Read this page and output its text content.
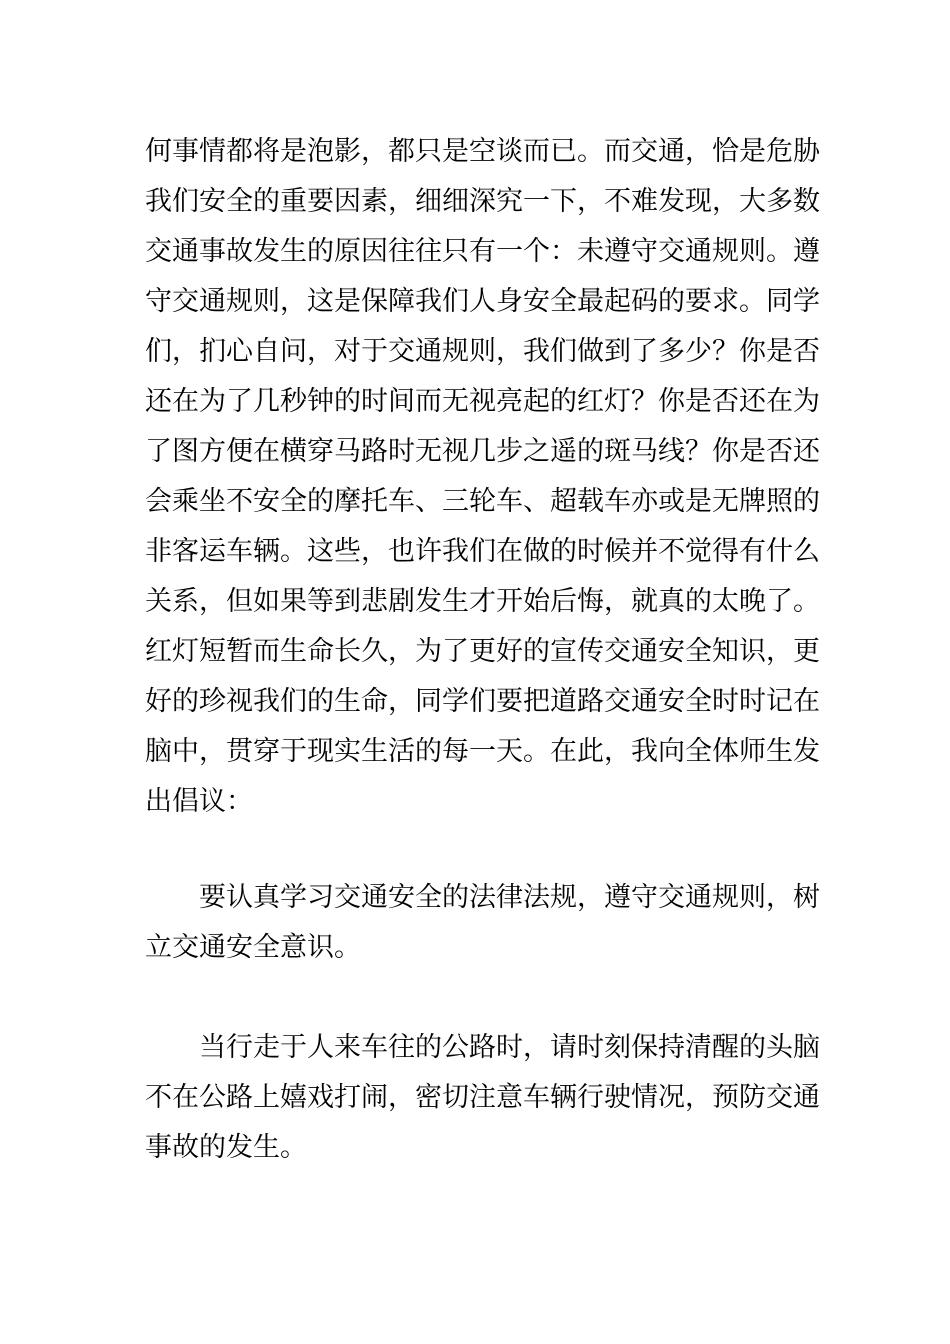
何事情都将是泡影，都只是空谈而已。而交通，恰是危胁
我们安全的重要因素，细细深究一下，不难发现，大多数
交通事故发生的原因往往只有一个：未遵守交通规则。遵
守交通规则，这是保障我们人身安全最起码的要求。同学
们，扪心自问，对于交通规则，我们做到了多少？你是否
还在为了几秒钟的时间而无视亮起的红灯？你是否还在为
了图方便在横穿马路时无视几步之遥的斑马线？你是否还
会乘坐不安全的摩托车、三轮车、超载车亦或是无牌照的
非客运车辆。这些，也许我们在做的时候并不觉得有什么
关系，但如果等到悲剧发生才开始后悔，就真的太晚了。
红灯短暂而生命长久，为了更好的宣传交通安全知识，更
好的珍视我们的生命，同学们要把道路交通安全时时记在
脑中，贯穿于现实生活的每一天。在此，我向全体师生发
出倡议：
要认真学习交通安全的法律法规，遵守交通规则，树
立交通安全意识。
当行走于人来车往的公路时，请时刻保持清醒的头脑
不在公路上嬉戏打闹，密切注意车辆行驶情况，预防交通
事故的发生。
